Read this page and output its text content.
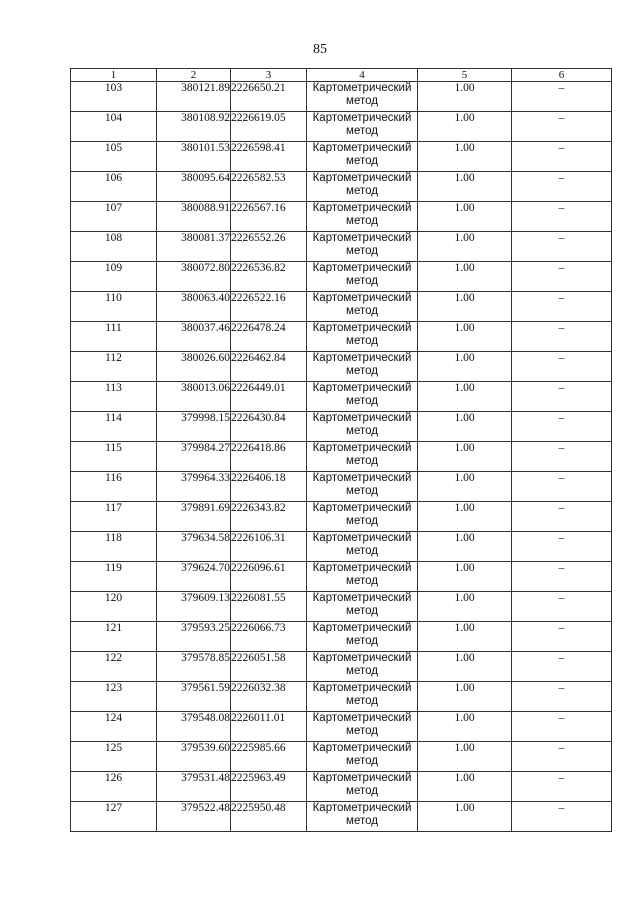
85
1	2	3	4	5	6
103	380121.89	2226650.21	Картометрический
метод	1.00	–
104	380108.92	2226619.05	Картометрический
метод	1.00	–
105	380101.53	2226598.41	Картометрический
метод	1.00	–
106	380095.64	2226582.53	Картометрический
метод	1.00	–
107	380088.91	2226567.16	Картометрический
метод	1.00	–
108	380081.37	2226552.26	Картометрический
метод	1.00	–
109	380072.80	2226536.82	Картометрический
метод	1.00	–
110	380063.40	2226522.16	Картометрический
метод	1.00	–
111	380037.46	2226478.24	Картометрический
метод	1.00	–
112	380026.60	2226462.84	Картометрический
метод	1.00	–
113	380013.06	2226449.01	Картометрический
метод	1.00	–
114	379998.15	2226430.84	Картометрический
метод	1.00	–
115	379984.27	2226418.86	Картометрический
метод	1.00	–
116	379964.33	2226406.18	Картометрический
метод	1.00	–
117	379891.69	2226343.82	Картометрический
метод	1.00	–
118	379634.58	2226106.31	Картометрический
метод	1.00	–
119	379624.70	2226096.61	Картометрический
метод	1.00	–
120	379609.13	2226081.55	Картометрический
метод	1.00	–
121	379593.25	2226066.73	Картометрический
метод	1.00	–
122	379578.85	2226051.58	Картометрический
метод	1.00	–
123	379561.59	2226032.38	Картометрический
метод	1.00	–
124	379548.08	2226011.01	Картометрический
метод	1.00	–
125	379539.60	2225985.66	Картометрический
метод	1.00	–
126	379531.48	2225963.49	Картометрический
метод	1.00	–
127	379522.48	2225950.48	Картометрический
метод	1.00	–
